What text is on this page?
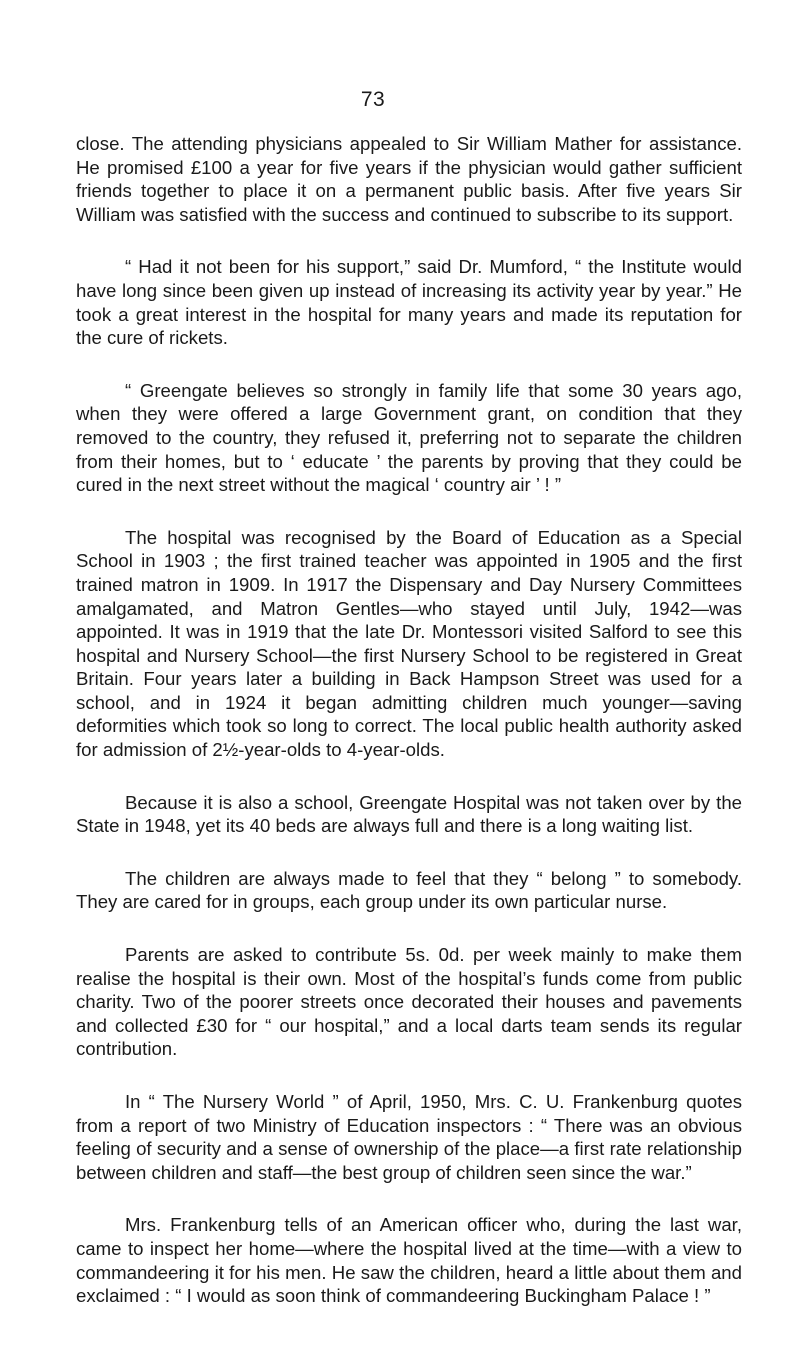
73

close. The attending physicians appealed to Sir William Mather for assistance. He promised £100 a year for five years if the physician would gather sufficient friends together to place it on a permanent public basis. After five years Sir William was satisfied with the success and continued to subscribe to its support.

“ Had it not been for his support,” said Dr. Mumford, “ the Institute would have long since been given up instead of increasing its activity year by year.” He took a great interest in the hospital for many years and made its reputation for the cure of rickets.

“ Greengate believes so strongly in family life that some 30 years ago, when they were offered a large Government grant, on condition that they removed to the country, they refused it, preferring not to separate the children from their homes, but to ‘ educate ’ the parents by proving that they could be cured in the next street without the magical ‘ country air ’ ! ”

The hospital was recognised by the Board of Education as a Special School in 1903 ; the first trained teacher was appointed in 1905 and the first trained matron in 1909. In 1917 the Dispensary and Day Nursery Committees amalgamated, and Matron Gentles—who stayed until July, 1942—was appointed. It was in 1919 that the late Dr. Montessori visited Salford to see this hospital and Nursery School—the first Nursery School to be registered in Great Britain. Four years later a building in Back Hampson Street was used for a school, and in 1924 it began admitting children much younger—saving deformities which took so long to correct. The local public health authority asked for admission of 2½-year-olds to 4-year-olds.

Because it is also a school, Greengate Hospital was not taken over by the State in 1948, yet its 40 beds are always full and there is a long waiting list.

The children are always made to feel that they “ belong ” to somebody. They are cared for in groups, each group under its own particular nurse.

Parents are asked to contribute 5s. 0d. per week mainly to make them realise the hospital is their own. Most of the hospital’s funds come from public charity. Two of the poorer streets once decorated their houses and pavements and collected £30 for “ our hospital,” and a local darts team sends its regular contribution.

In “ The Nursery World ” of April, 1950, Mrs. C. U. Frankenburg quotes from a report of two Ministry of Education inspectors : “ There was an obvious feeling of security and a sense of ownership of the place—a first rate relationship between children and staff—the best group of children seen since the war.”

Mrs. Frankenburg tells of an American officer who, during the last war, came to inspect her home—where the hospital lived at the time—with a view to commandeering it for his men. He saw the children, heard a little about them and exclaimed : “ I would as soon think of commandeering Buckingham Palace ! ”
